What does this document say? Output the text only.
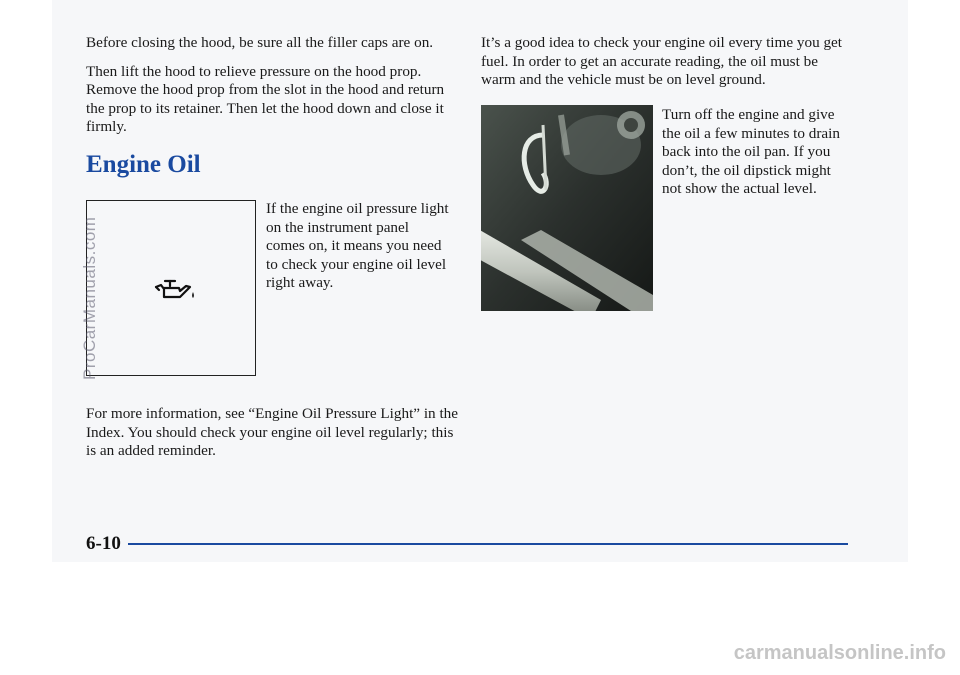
Before closing the hood, be sure all the filler caps are on.

Then lift the hood to relieve pressure on the hood prop. Remove the hood prop from the slot in the hood and return the prop to its retainer. Then let the hood down and close it firmly.

Engine Oil

If the engine oil pressure light on the instrument panel comes on, it means you need to check your engine oil level right away.

For more information, see “Engine Oil Pressure Light” in the Index. You should check your engine oil level regularly; this is an added reminder.

It’s a good idea to check your engine oil every time you get fuel. In order to get an accurate reading, the oil must be warm and the vehicle must be on level ground.

Turn off the engine and give the oil a few minutes to drain back into the oil pan. If you don’t, the oil dipstick might not show the actual level.

6-10
ProCarManuals.com
carmanualsonline.info
